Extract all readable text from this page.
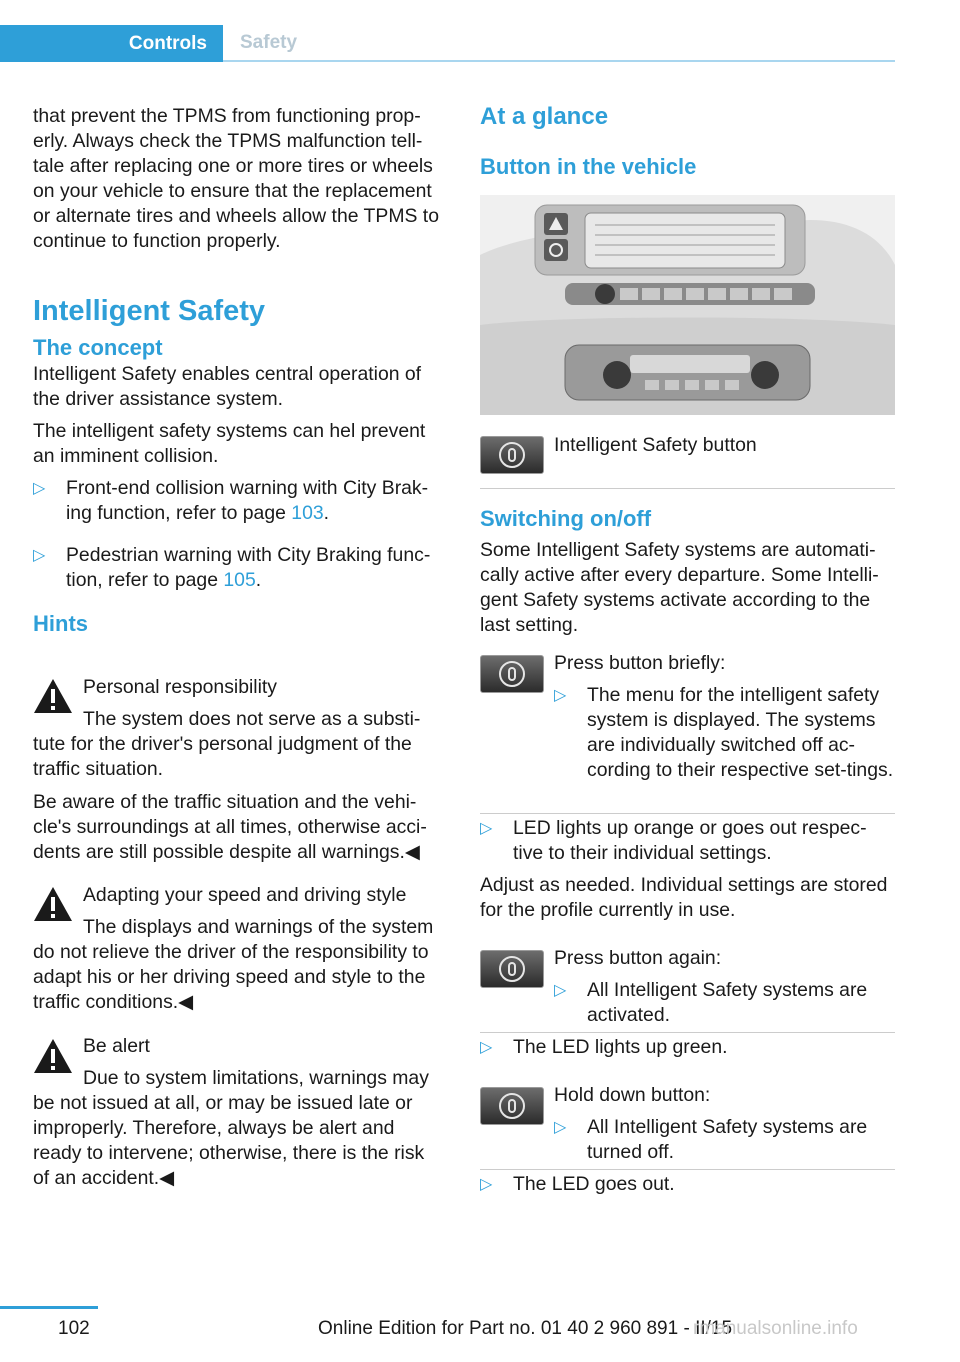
Controls	Safety

that prevent the TPMS from functioning prop-erly. Always check the TPMS malfunction tell-tale after replacing one or more tires or wheels on your vehicle to ensure that the replacement or alternate tires and wheels allow the TPMS to continue to function properly.

Intelligent Safety
The concept

Intelligent Safety enables central operation of the driver assistance system.

The intelligent safety systems can hel prevent an imminent collision.

▷ Front-end collision warning with City Brak-ing function, refer to page 103.
▷ Pedestrian warning with City Braking func-tion, refer to page 105.
Hints
Personal responsibility
The system does not serve as a substi-tute for the driver's personal judgment of the traffic situation.
Be aware of the traffic situation and the vehi-cle's surroundings at all times, otherwise acci-dents are still possible despite all warnings.◀
Adapting your speed and driving style
The displays and warnings of the system do not relieve the driver of the responsibility to adapt his or her driving speed and style to the traffic conditions.◀
Be alert
Due to system limitations, warnings may be not issued at all, or may be issued late or improperly. Therefore, always be alert and ready to intervene; otherwise, there is the risk of an accident.◀
At a glance
Button in the vehicle
Intelligent Safety button
Switching on/off
Some Intelligent Safety systems are automati-cally active after every departure. Some Intelli-gent Safety systems activate according to the last setting.
Press button briefly:
▷ The menu for the intelligent safety system is displayed. The systems are individually switched off ac-cording to their respective set-tings.
▷ LED lights up orange or goes out respec-tive to their individual settings.
Adjust as needed. Individual settings are stored for the profile currently in use.
Press button again:
▷ All Intelligent Safety systems are activated.
▷ The LED lights up green.
Hold down button:
▷ All Intelligent Safety systems are turned off.
▷ The LED goes out.
102	Online Edition for Part no. 01 40 2 960 891 - II/15
rmanualsonline.info
